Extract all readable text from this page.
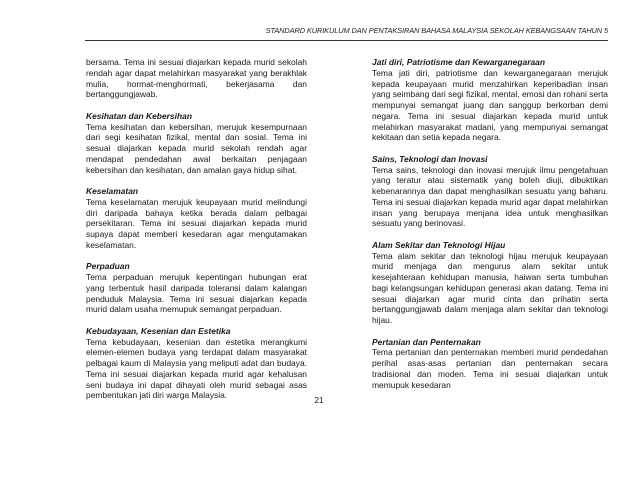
STANDARD KURIKULUM DAN PENTAKSIRAN BAHASA MALAYSIA SEKOLAH KEBANGSAAN TAHUN 5

bersama. Tema ini sesuai diajarkan kepada murid sekolah rendah agar dapat melahirkan masyarakat yang berakhlak mulia, hormat-menghormati, bekerjasama dan bertanggungjawab.

Kesihatan dan Kebersihan

Tema kesihatan dan kebersihan, merujuk kesempurnaan dari segi kesihatan fizikal, mental dan sosial. Tema ini sesuai diajarkan kepada murid sekolah rendah agar mendapat pendedahan awal berkaitan penjagaan kebersihan dan kesihatan, dan amalan gaya hidup sihat.

Keselamatan

Tema keselamatan merujuk keupayaan murid melindungi diri daripada bahaya ketika berada dalam pelbagai persekitaran. Tema ini sesuai diajarkan kepada murid supaya dapat memberi kesedaran agar mengutamakan keselamatan.

Perpaduan

Tema perpaduan merujuk kepentingan hubungan erat yang terbentuk hasil daripada toleransi dalam kalangan penduduk Malaysia. Tema ini sesuai diajarkan kepada murid dalam usaha memupuk semangat perpaduan.

Kebudayaan, Kesenian dan Estetika

Tema kebudayaan, kesenian dan estetika merangkumi elemen-elemen budaya yang terdapat dalam masyarakat pelbagai kaum di Malaysia yang meliputi adat dan budaya. Tema ini sesuai diajarkan kepada murid agar kehalusan seni budaya ini dapat dihayati oleh murid sebagai asas pembentukan jati diri warga Malaysia.

Jati diri, Patriotisme dan Kewarganegaraan

Tema jati diri, patriotisme dan kewarganegaraan merujuk kepada keupayaan murid menzahirkan keperibadian insan yang seimbang dari segi fizikal, mental, emosi dan rohani serta mempunyai semangat juang dan sanggup berkorban demi negara. Tema ini sesuai diajarkan kepada murid untuk melahirkan masyarakat madani, yang mempunyai semangat kekitaan dan setia kepada negara.

Sains, Teknologi dan Inovasi

Tema sains, teknologi dan inovasi merujuk ilmu pengetahuan yang teratur atau sistematik yang boleh diuji, dibuktikan kebenarannya dan dapat menghasilkan sesuatu yang baharu. Tema ini sesuai diajarkan kepada murid agar dapat melahirkan insan yang berupaya menjana idea untuk menghasilkan sesuatu yang berinovasi.

Alam Sekitar dan Teknologi Hijau

Tema alam sekitar dan teknologi hijau merujuk keupayaan murid menjaga dan mengurus alam sekitar untuk kesejahteraan kehidupan manusia, haiwan serta tumbuhan bagi kelangsungan kehidupan generasi akan datang. Tema ini sesuai diajarkan agar murid cinta dan prihatin serta bertanggungjawab dalam menjaga alam sekitar dan teknologi hijau.

Pertanian dan Penternakan

Tema pertanian dan penternakan memberi murid pendedahan perihal asas-asas pertanian dan penternakan secara tradisional dan moden. Tema ini sesuai diajarkan untuk memupuk kesedaran

21
